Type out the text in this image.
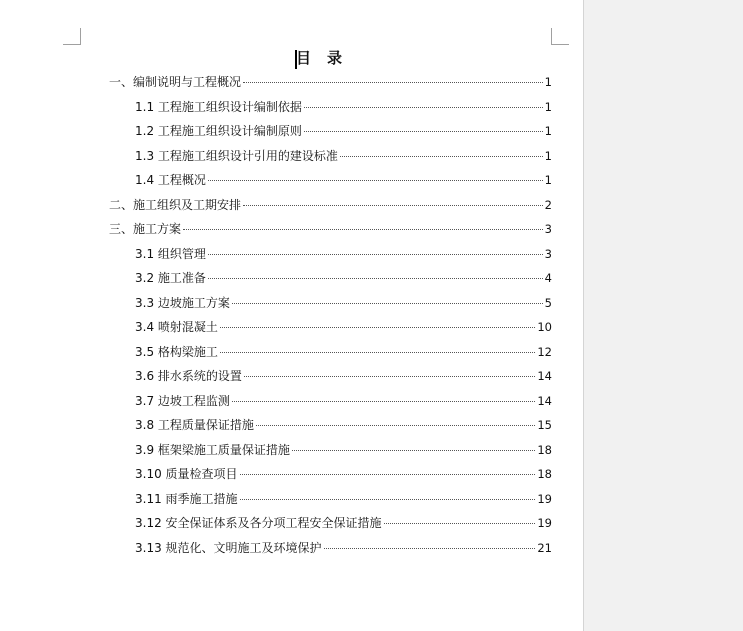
目 录
一、编制说明与工程概况	1
1.1 工程施工组织设计编制依据	1
1.2 工程施工组织设计编制原则	1
1.3 工程施工组织设计引用的建设标准	1
1.4 工程概况	1
二、施工组织及工期安排	2
三、施工方案	3
3.1 组织管理	3
3.2 施工准备	4
3.3 边坡施工方案	5
3.4 喷射混凝土	10
3.5 格构梁施工	12
3.6 排水系统的设置	14
3.7 边坡工程监测	14
3.8 工程质量保证措施	15
3.9 框架梁施工质量保证措施	18
3.10 质量检查项目	18
3.11 雨季施工措施	19
3.12 安全保证体系及各分项工程安全保证措施	19
3.13 规范化、文明施工及环境保护	21
